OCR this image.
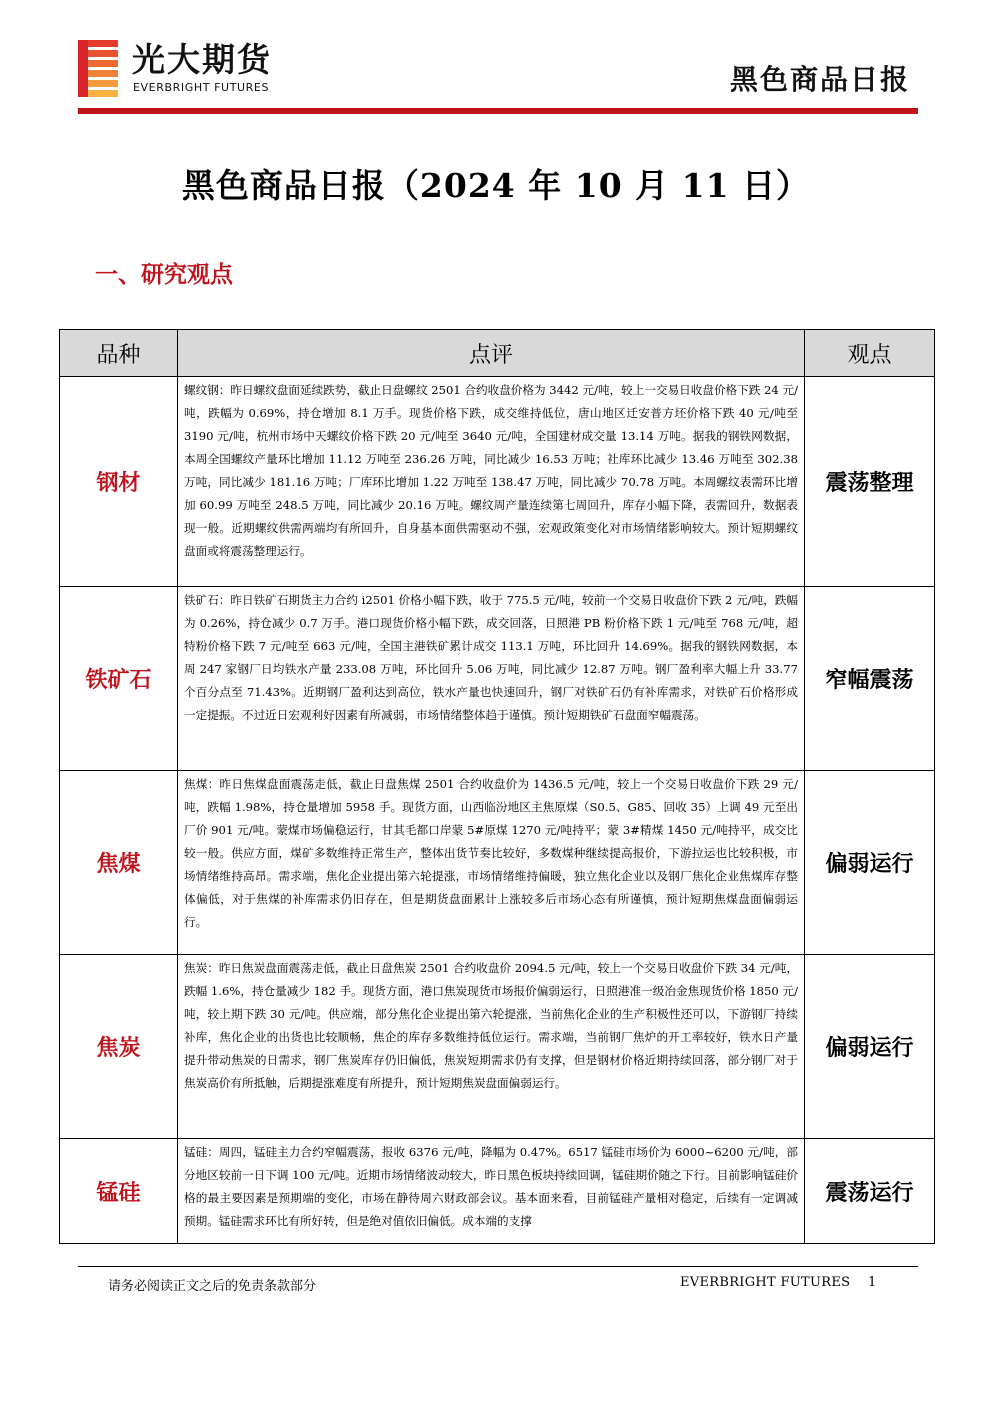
光大期货
EVERBRIGHT FUTURES	黑色商品日报
黑色商品日报（2024 年 10 月 11 日）
一、研究观点
品种	点评	观点
钢材	螺纹钢：昨日螺纹盘面延续跌势，截止日盘螺纹 2501 合约收盘价格为 3442 元/吨，较上一交易日收盘价格下跌 24 元/吨，跌幅为 0.69%，持仓增加 8.1 万手。现货价格下跌，成交维持低位，唐山地区迁安普方坯价格下跌 40 元/吨至 3190 元/吨，杭州市场中天螺纹价格下跌 20 元/吨至 3640 元/吨，全国建材成交量 13.14 万吨。据我的钢铁网数据，本周全国螺纹产量环比增加 11.12 万吨至 236.26 万吨，同比减少 16.53 万吨；社库环比减少 13.46 万吨至 302.38 万吨，同比减少 181.16 万吨；厂库环比增加 1.22 万吨至 138.47 万吨，同比减少 70.78 万吨。本周螺纹表需环比增加 60.99 万吨至 248.5 万吨，同比减少 20.16 万吨。螺纹周产量连续第七周回升，库存小幅下降，表需回升，数据表现一般。近期螺纹供需两端均有所回升，自身基本面供需驱动不强，宏观政策变化对市场情绪影响较大。预计短期螺纹盘面或将震荡整理运行。	震荡整理
铁矿石	铁矿石：昨日铁矿石期货主力合约 i2501 价格小幅下跌，收于 775.5 元/吨，较前一个交易日收盘价下跌 2 元/吨，跌幅为 0.26%，持仓减少 0.7 万手。港口现货价格小幅下跌，成交回落，日照港 PB 粉价格下跌 1 元/吨至 768 元/吨，超特粉价格下跌 7 元/吨至 663 元/吨，全国主港铁矿累计成交 113.1 万吨，环比回升 14.69%。据我的钢铁网数据，本周 247 家钢厂日均铁水产量 233.08 万吨，环比回升 5.06 万吨，同比减少 12.87 万吨。钢厂盈利率大幅上升 33.77 个百分点至 71.43%。近期钢厂盈利达到高位，铁水产量也快速回升，钢厂对铁矿石仍有补库需求，对铁矿石价格形成一定提振。不过近日宏观利好因素有所减弱，市场情绪整体趋于谨慎。预计短期铁矿石盘面窄幅震荡。	窄幅震荡
焦煤	焦煤：昨日焦煤盘面震荡走低，截止日盘焦煤 2501 合约收盘价为 1436.5 元/吨，较上一个交易日收盘价下跌 29 元/吨，跌幅 1.98%，持仓量增加 5958 手。现货方面，山西临汾地区主焦原煤（S0.5、G85、回收 35）上调 49 元至出厂价 901 元/吨。蒙煤市场偏稳运行，甘其毛都口岸蒙 5#原煤 1270 元/吨持平；蒙 3#精煤 1450 元/吨持平，成交比较一般。供应方面，煤矿多数维持正常生产，整体出货节奏比较好，多数煤种继续提高报价，下游拉运也比较积极，市场情绪维持高昂。需求端，焦化企业提出第六轮提涨，市场情绪维持偏暖，独立焦化企业以及钢厂焦化企业焦煤库存整体偏低，对于焦煤的补库需求仍旧存在，但是期货盘面累计上涨较多后市场心态有所谨慎，预计短期焦煤盘面偏弱运行。	偏弱运行
焦炭	焦炭：昨日焦炭盘面震荡走低，截止日盘焦炭 2501 合约收盘价 2094.5 元/吨，较上一个交易日收盘价下跌 34 元/吨，跌幅 1.6%，持仓量减少 182 手。现货方面，港口焦炭现货市场报价偏弱运行，日照港准一级冶金焦现货价格 1850 元/吨，较上期下跌 30 元/吨。供应端，部分焦化企业提出第六轮提涨，当前焦化企业的生产积极性还可以，下游钢厂持续补库，焦化企业的出货也比较顺畅，焦企的库存多数维持低位运行。需求端，当前钢厂焦炉的开工率较好，铁水日产量提升带动焦炭的日需求，钢厂焦炭库存仍旧偏低，焦炭短期需求仍有支撑，但是钢材价格近期持续回落，部分钢厂对于焦炭高价有所抵触，后期提涨难度有所提升，预计短期焦炭盘面偏弱运行。	偏弱运行
锰硅	锰硅：周四，锰硅主力合约窄幅震荡，报收 6376 元/吨，降幅为 0.47%。6517 锰硅市场价为 6000~6200 元/吨，部分地区较前一日下调 100 元/吨。近期市场情绪波动较大，昨日黑色板块持续回调，锰硅期价随之下行。目前影响锰硅价格的最主要因素是预期端的变化，市场在静待周六财政部会议。基本面来看，目前锰硅产量相对稳定，后续有一定调减预期。锰硅需求环比有所好转，但是绝对值依旧偏低。成本端的支撑	震荡运行
请务必阅读正文之后的免责条款部分	EVERBRIGHT FUTURES 1
